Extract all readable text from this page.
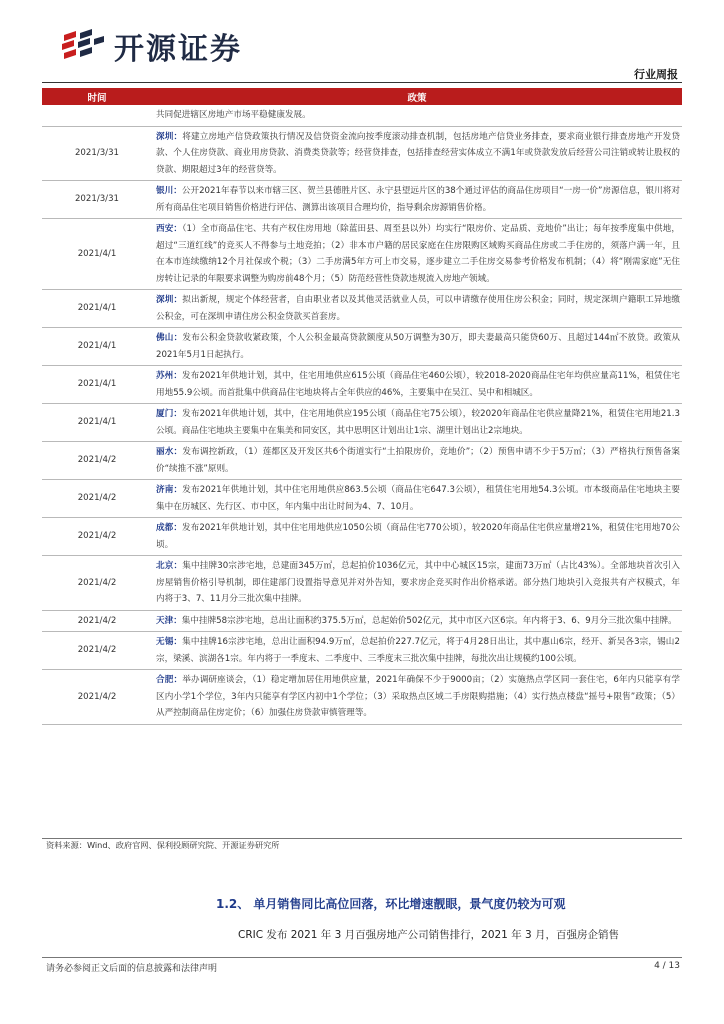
开源证券
行业周报
时间	政策
	共同促进辖区房地产市场平稳健康发展。
2021/3/31	深圳：将建立房地产信贷政策执行情况及信贷资金流向按季度滚动排查机制，包括房地产信贷业务排查，要求商业银行排查房地产开发贷款、个人住房贷款、商业用房贷款、消费类贷款等；经营贷排查，包括排查经营实体成立不满1年或贷款发放后经营公司注销或转让股权的贷款、期限超过3年的经营贷等。
2021/3/31	银川：公开2021年春节以来市辖三区、贺兰县德胜片区、永宁县望远片区的38个通过评估的商品住房项目“一房一价”房源信息，银川将对所有商品住宅项目销售价格进行评估、测算出该项目合理均价，指导剩余房源销售价格。
2021/4/1	西安：（1）全市商品住宅、共有产权住房用地（除蓝田县、周至县以外）均实行“限房价、定品质、竞地价”出让；每年按季度集中供地，超过“三道红线”的竞买人不得参与土地竞拍；（2）非本市户籍的居民家庭在住房限购区域购买商品住房或二手住房的，须落户满一年，且在本市连续缴纳12个月社保或个税；（3）二手房满5年方可上市交易，逐步建立二手住房交易参考价格发布机制；（4）将“刚需家庭”无住房转让记录的年限要求调整为购房前48个月；（5）防范经营性贷款违规流入房地产领域。
2021/4/1	深圳：拟出新规，规定个体经营者，自由职业者以及其他灵活就业人员，可以申请缴存使用住房公积金；同时，规定深圳户籍职工异地缴公积金，可在深圳申请住房公积金贷款买首套房。
2021/4/1	佛山：发布公积金贷款收紧政策，个人公积金最高贷款额度从50万调整为30万，即夫妻最高只能贷60万、且超过144㎡不放贷。政策从2021年5月1日起执行。
2021/4/1	苏州：发布2021年供地计划，其中，住宅用地供应615公顷（商品住宅460公顷），较2018-2020商品住宅年均供应量高11%，租赁住宅用地55.9公顷。而首批集中供商品住宅地块将占全年供应的46%，主要集中在吴江、吴中和相城区。
2021/4/1	厦门：发布2021年供地计划，其中，住宅用地供应195公顷（商品住宅75公顷），较2020年商品住宅供应量降21%，租赁住宅用地21.3公顷。商品住宅地块主要集中在集美和同安区，其中思明区计划出让1宗、湖里计划出让2宗地块。
2021/4/2	丽水：发布调控新政，（1）莲都区及开发区共6个街道实行“土拍限房价，竞地价”；（2）预售申请不少于5万㎡；（3）严格执行预售备案价“续推不涨”原则。
2021/4/2	济南：发布2021年供地计划，其中住宅用地供应863.5公顷（商品住宅647.3公顷），租赁住宅用地54.3公顷。市本级商品住宅地块主要集中在历城区、先行区、市中区，年内集中出让时间为4、7、10月。
2021/4/2	成都：发布2021年供地计划，其中住宅用地供应1050公顷（商品住宅770公顷），较2020年商品住宅供应量增21%，租赁住宅用地70公顷。
2021/4/2	北京：集中挂牌30宗涉宅地，总建面345万㎡，总起拍价1036亿元，其中中心城区15宗，建面73万㎡（占比43%）。全部地块首次引入房屋销售价格引导机制，即住建部门设置指导意见并对外告知，要求房企竞买时作出价格承诺。部分热门地块引入竞报共有产权模式，年内将于3、7、11月分三批次集中挂牌。
2021/4/2	天津：集中挂牌58宗涉宅地，总出让面积约375.5万㎡，总起始价502亿元，其中市区六区6宗。年内将于3、6、9月分三批次集中挂牌。
2021/4/2	无锡：集中挂牌16宗涉宅地，总出让面积94.9万㎡，总起拍价227.7亿元，将于4月28日出让，其中惠山6宗，经开、新吴各3宗，锡山2宗，梁溪、滨湖各1宗。年内将于一季度末、二季度中、三季度末三批次集中挂牌，每批次出让规模约100公顷。
2021/4/2	合肥：举办调研座谈会，（1）稳定增加居住用地供应量，2021年确保不少于9000亩；（2）实施热点学区同一套住宅，6年内只能享有学区内小学1个学位，3年内只能享有学区内初中1个学位；（3）采取热点区域二手房限购措施；（4）实行热点楼盘“摇号+限售”政策；（5）从严控制商品住房定价；（6）加强住房贷款审慎管理等。
资料来源：Wind、政府官网、保利投顾研究院、开源证券研究所
1.2、 单月销售同比高位回落，环比增速靓眼，景气度仍较为可观
CRIC 发布 2021 年 3 月百强房地产公司销售排行，2021 年 3 月，百强房企销售
请务必参阅正文后面的信息披露和法律声明	4 / 13
